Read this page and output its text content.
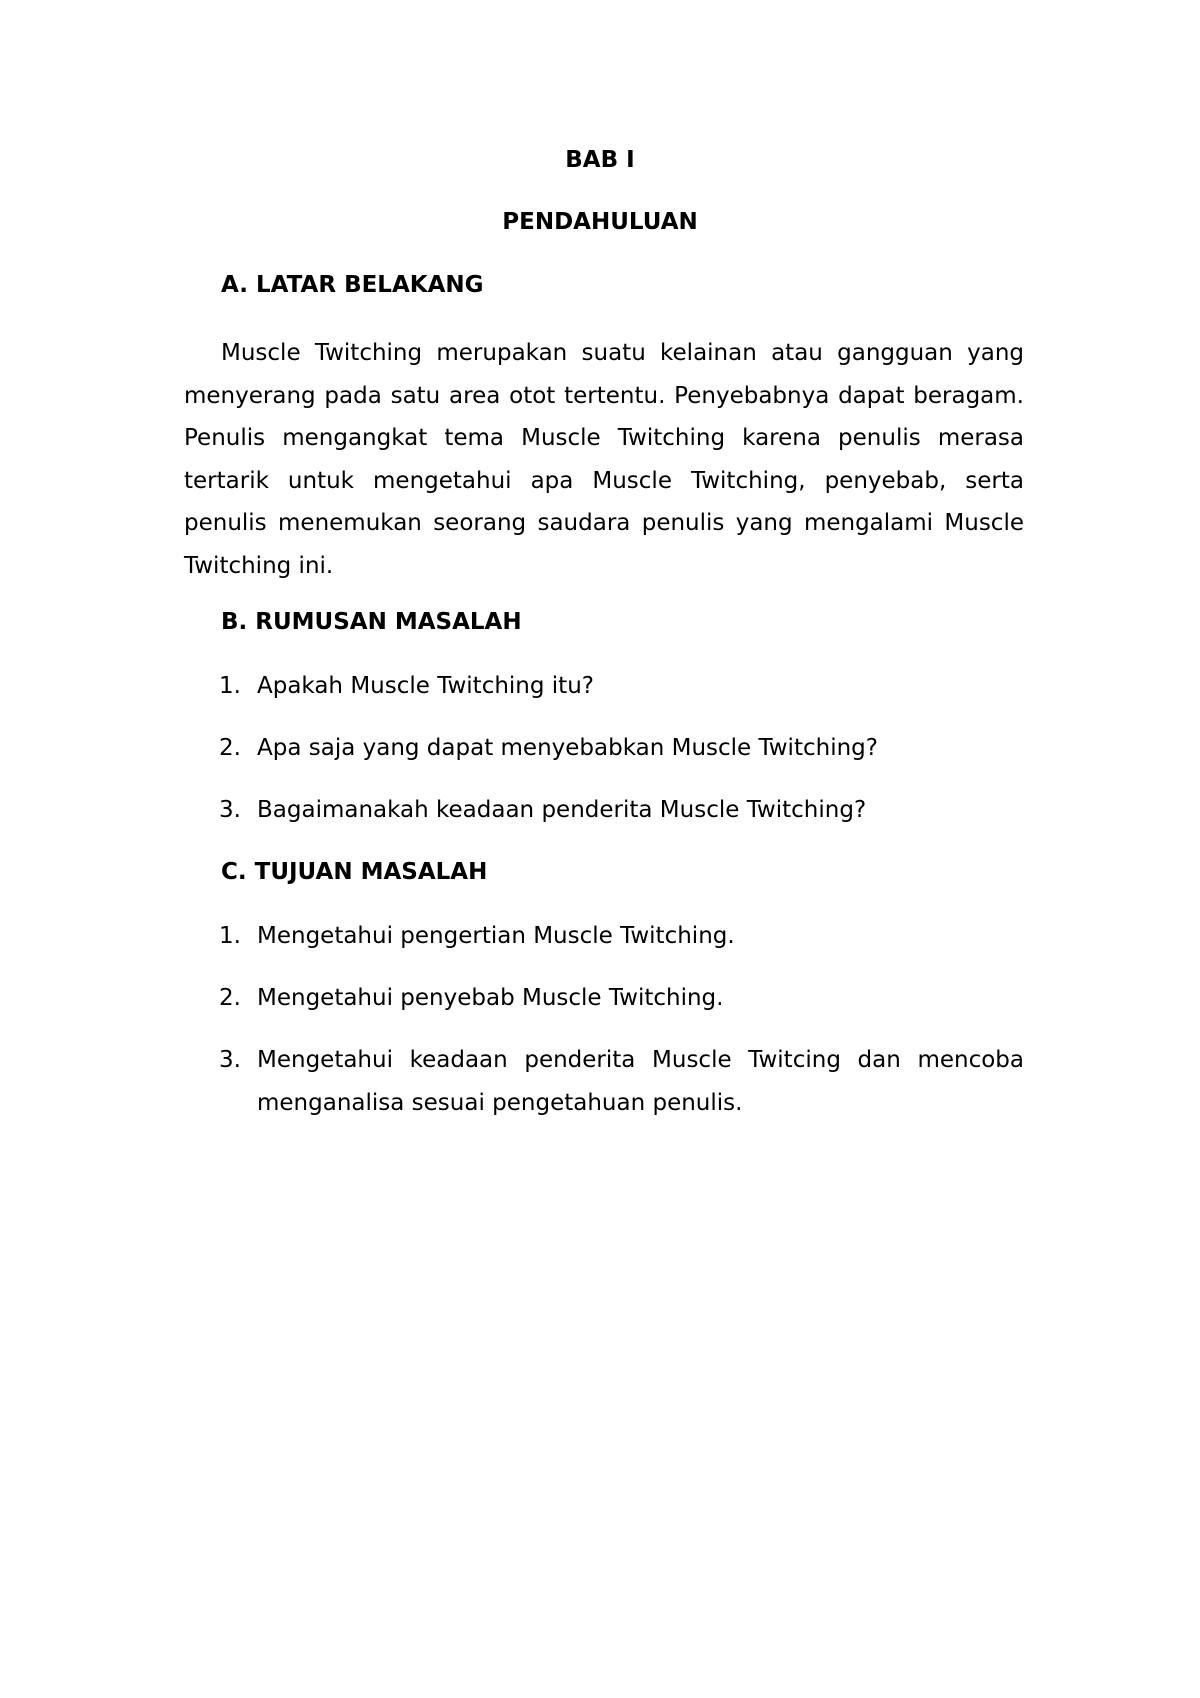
BAB I
PENDAHULUAN
A. LATAR BELAKANG

Muscle Twitching merupakan suatu kelainan atau gangguan yang menyerang pada satu area otot tertentu. Penyebabnya dapat beragam. Penulis mengangkat tema Muscle Twitching karena penulis merasa tertarik untuk mengetahui apa Muscle Twitching, penyebab, serta penulis menemukan seorang saudara penulis yang mengalami Muscle Twitching ini.

B. RUMUSAN MASALAH
1. Apakah Muscle Twitching itu?
2. Apa saja yang dapat menyebabkan Muscle Twitching?
3. Bagaimanakah keadaan penderita Muscle Twitching?
C. TUJUAN MASALAH
1. Mengetahui pengertian Muscle Twitching.
2. Mengetahui penyebab Muscle Twitching.
3. Mengetahui keadaan penderita Muscle Twitcing dan mencoba menganalisa sesuai pengetahuan penulis.
